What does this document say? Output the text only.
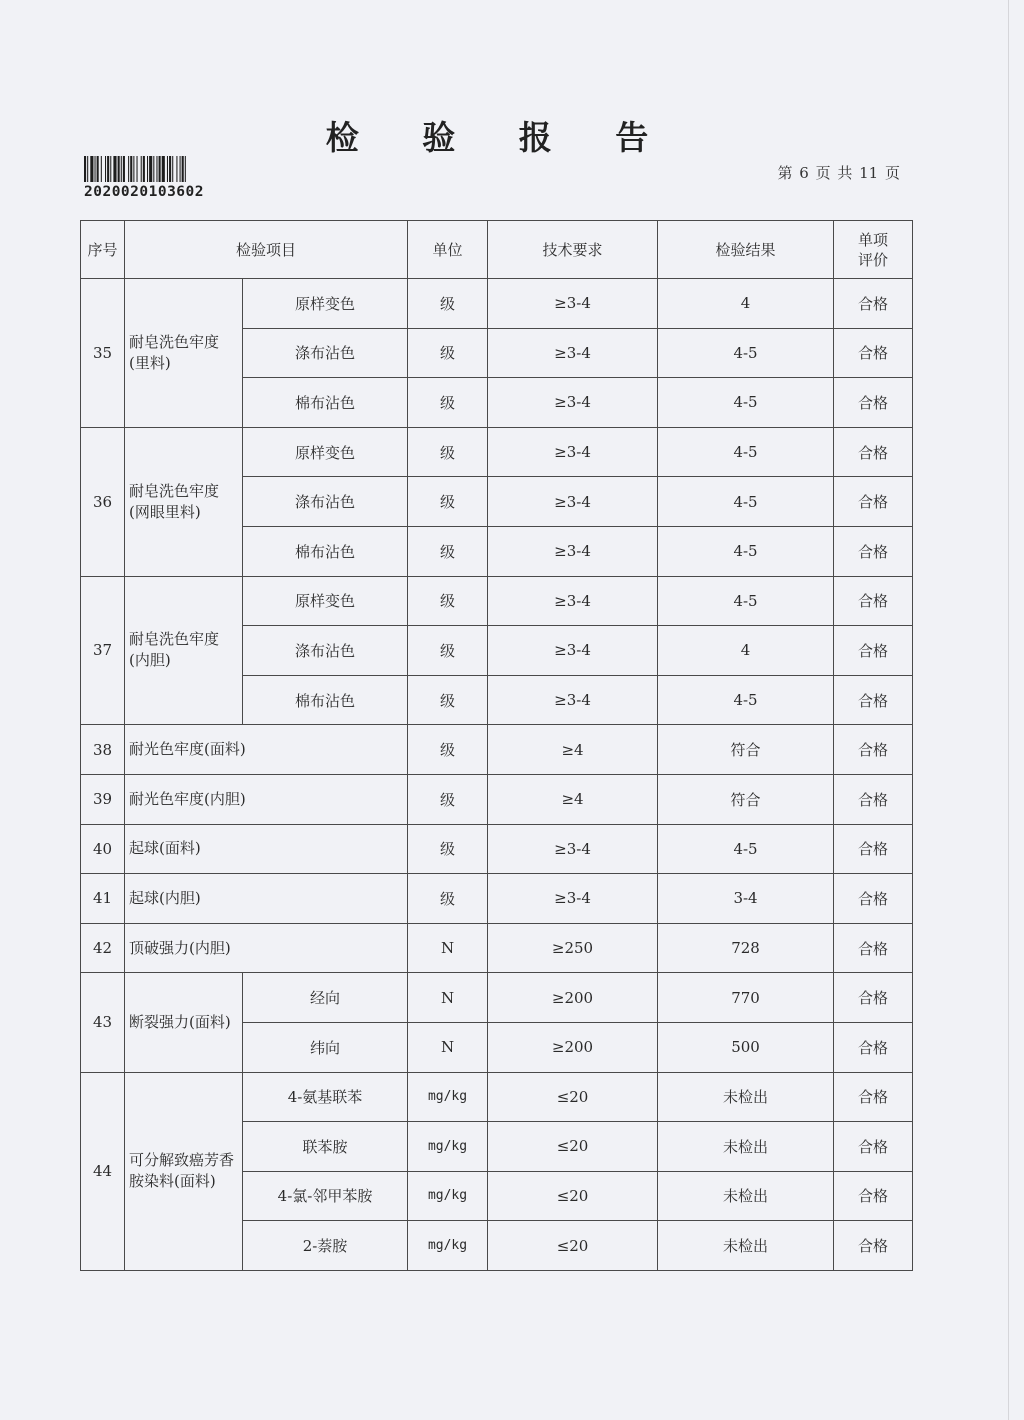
检 验 报 告
2020020103602
第 6 页 共 11 页
序号	检验项目		单位	技术要求	检验结果	单项评价
35	耐皂洗色牢度(里料)	原样变色	级	≥3-4	4	合格
		涤布沾色	级	≥3-4	4-5	合格
		棉布沾色	级	≥3-4	4-5	合格
36	耐皂洗色牢度(网眼里料)	原样变色	级	≥3-4	4-5	合格
		涤布沾色	级	≥3-4	4-5	合格
		棉布沾色	级	≥3-4	4-5	合格
37	耐皂洗色牢度(内胆)	原样变色	级	≥3-4	4-5	合格
		涤布沾色	级	≥3-4	4	合格
		棉布沾色	级	≥3-4	4-5	合格
38	耐光色牢度(面料)		级	≥4	符合	合格
39	耐光色牢度(内胆)		级	≥4	符合	合格
40	起球(面料)		级	≥3-4	4-5	合格
41	起球(内胆)		级	≥3-4	3-4	合格
42	顶破强力(内胆)		N	≥250	728	合格
43	断裂强力(面料)	经向	N	≥200	770	合格
		纬向	N	≥200	500	合格
44	可分解致癌芳香胺染料(面料)	4-氨基联苯	mg/kg	≤20	未检出	合格
		联苯胺	mg/kg	≤20	未检出	合格
		4-氯-邻甲苯胺	mg/kg	≤20	未检出	合格
		2-萘胺	mg/kg	≤20	未检出	合格
